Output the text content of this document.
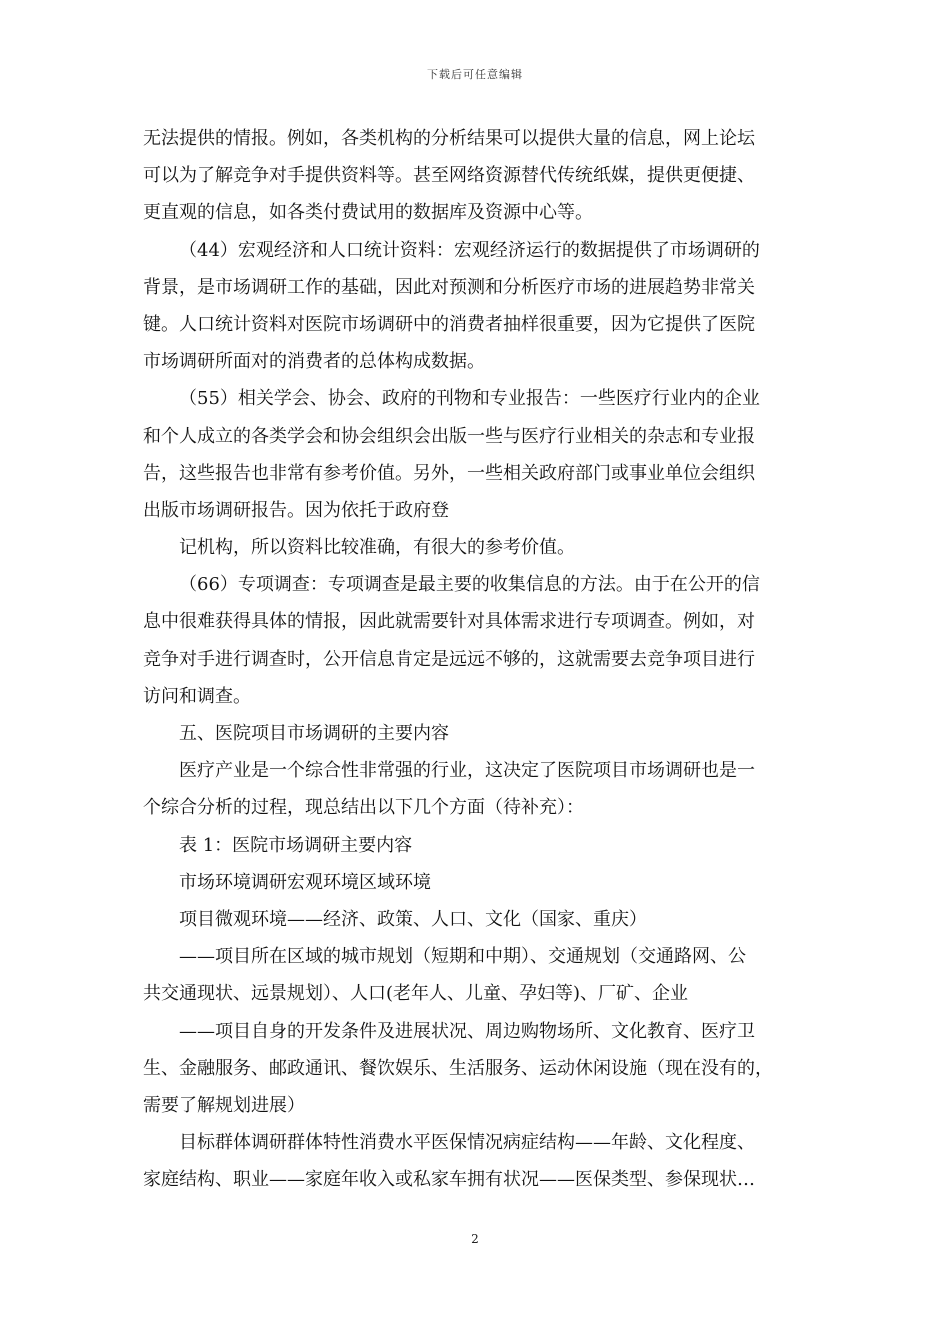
下载后可任意编辑
无法提供的情报。例如，各类机构的分析结果可以提供大量的信息，网上论坛
可以为了解竞争对手提供资料等。甚至网络资源替代传统纸媒，提供更便捷、
更直观的信息，如各类付费试用的数据库及资源中心等。
（44）宏观经济和人口统计资料：宏观经济运行的数据提供了市场调研的
背景，是市场调研工作的基础，因此对预测和分析医疗市场的进展趋势非常关
键。人口统计资料对医院市场调研中的消费者抽样很重要，因为它提供了医院
市场调研所面对的消费者的总体构成数据。
（55）相关学会、协会、政府的刊物和专业报告：一些医疗行业内的企业
和个人成立的各类学会和协会组织会出版一些与医疗行业相关的杂志和专业报
告，这些报告也非常有参考价值。另外，一些相关政府部门或事业单位会组织
出版市场调研报告。因为依托于政府登
记机构，所以资料比较准确，有很大的参考价值。
（66）专项调查：专项调查是最主要的收集信息的方法。由于在公开的信
息中很难获得具体的情报，因此就需要针对具体需求进行专项调查。例如，对
竞争对手进行调查时，公开信息肯定是远远不够的，这就需要去竞争项目进行
访问和调查。
五、医院项目市场调研的主要内容
医疗产业是一个综合性非常强的行业，这决定了医院项目市场调研也是一
个综合分析的过程，现总结出以下几个方面（待补充）：
表 1：医院市场调研主要内容
市场环境调研宏观环境区域环境
项目微观环境——经济、政策、人口、文化（国家、重庆）
——项目所在区域的城市规划（短期和中期）、交通规划（交通路网、公
共交通现状、远景规划）、人口(老年人、儿童、孕妇等)、厂矿、企业
——项目自身的开发条件及进展状况、周边购物场所、文化教育、医疗卫
生、金融服务、邮政通讯、餐饮娱乐、生活服务、运动休闲设施（现在没有的，
需要了解规划进展）
目标群体调研群体特性消费水平医保情况病症结构——年龄、文化程度、
家庭结构、职业——家庭年收入或私家车拥有状况——医保类型、参保现状…
2
